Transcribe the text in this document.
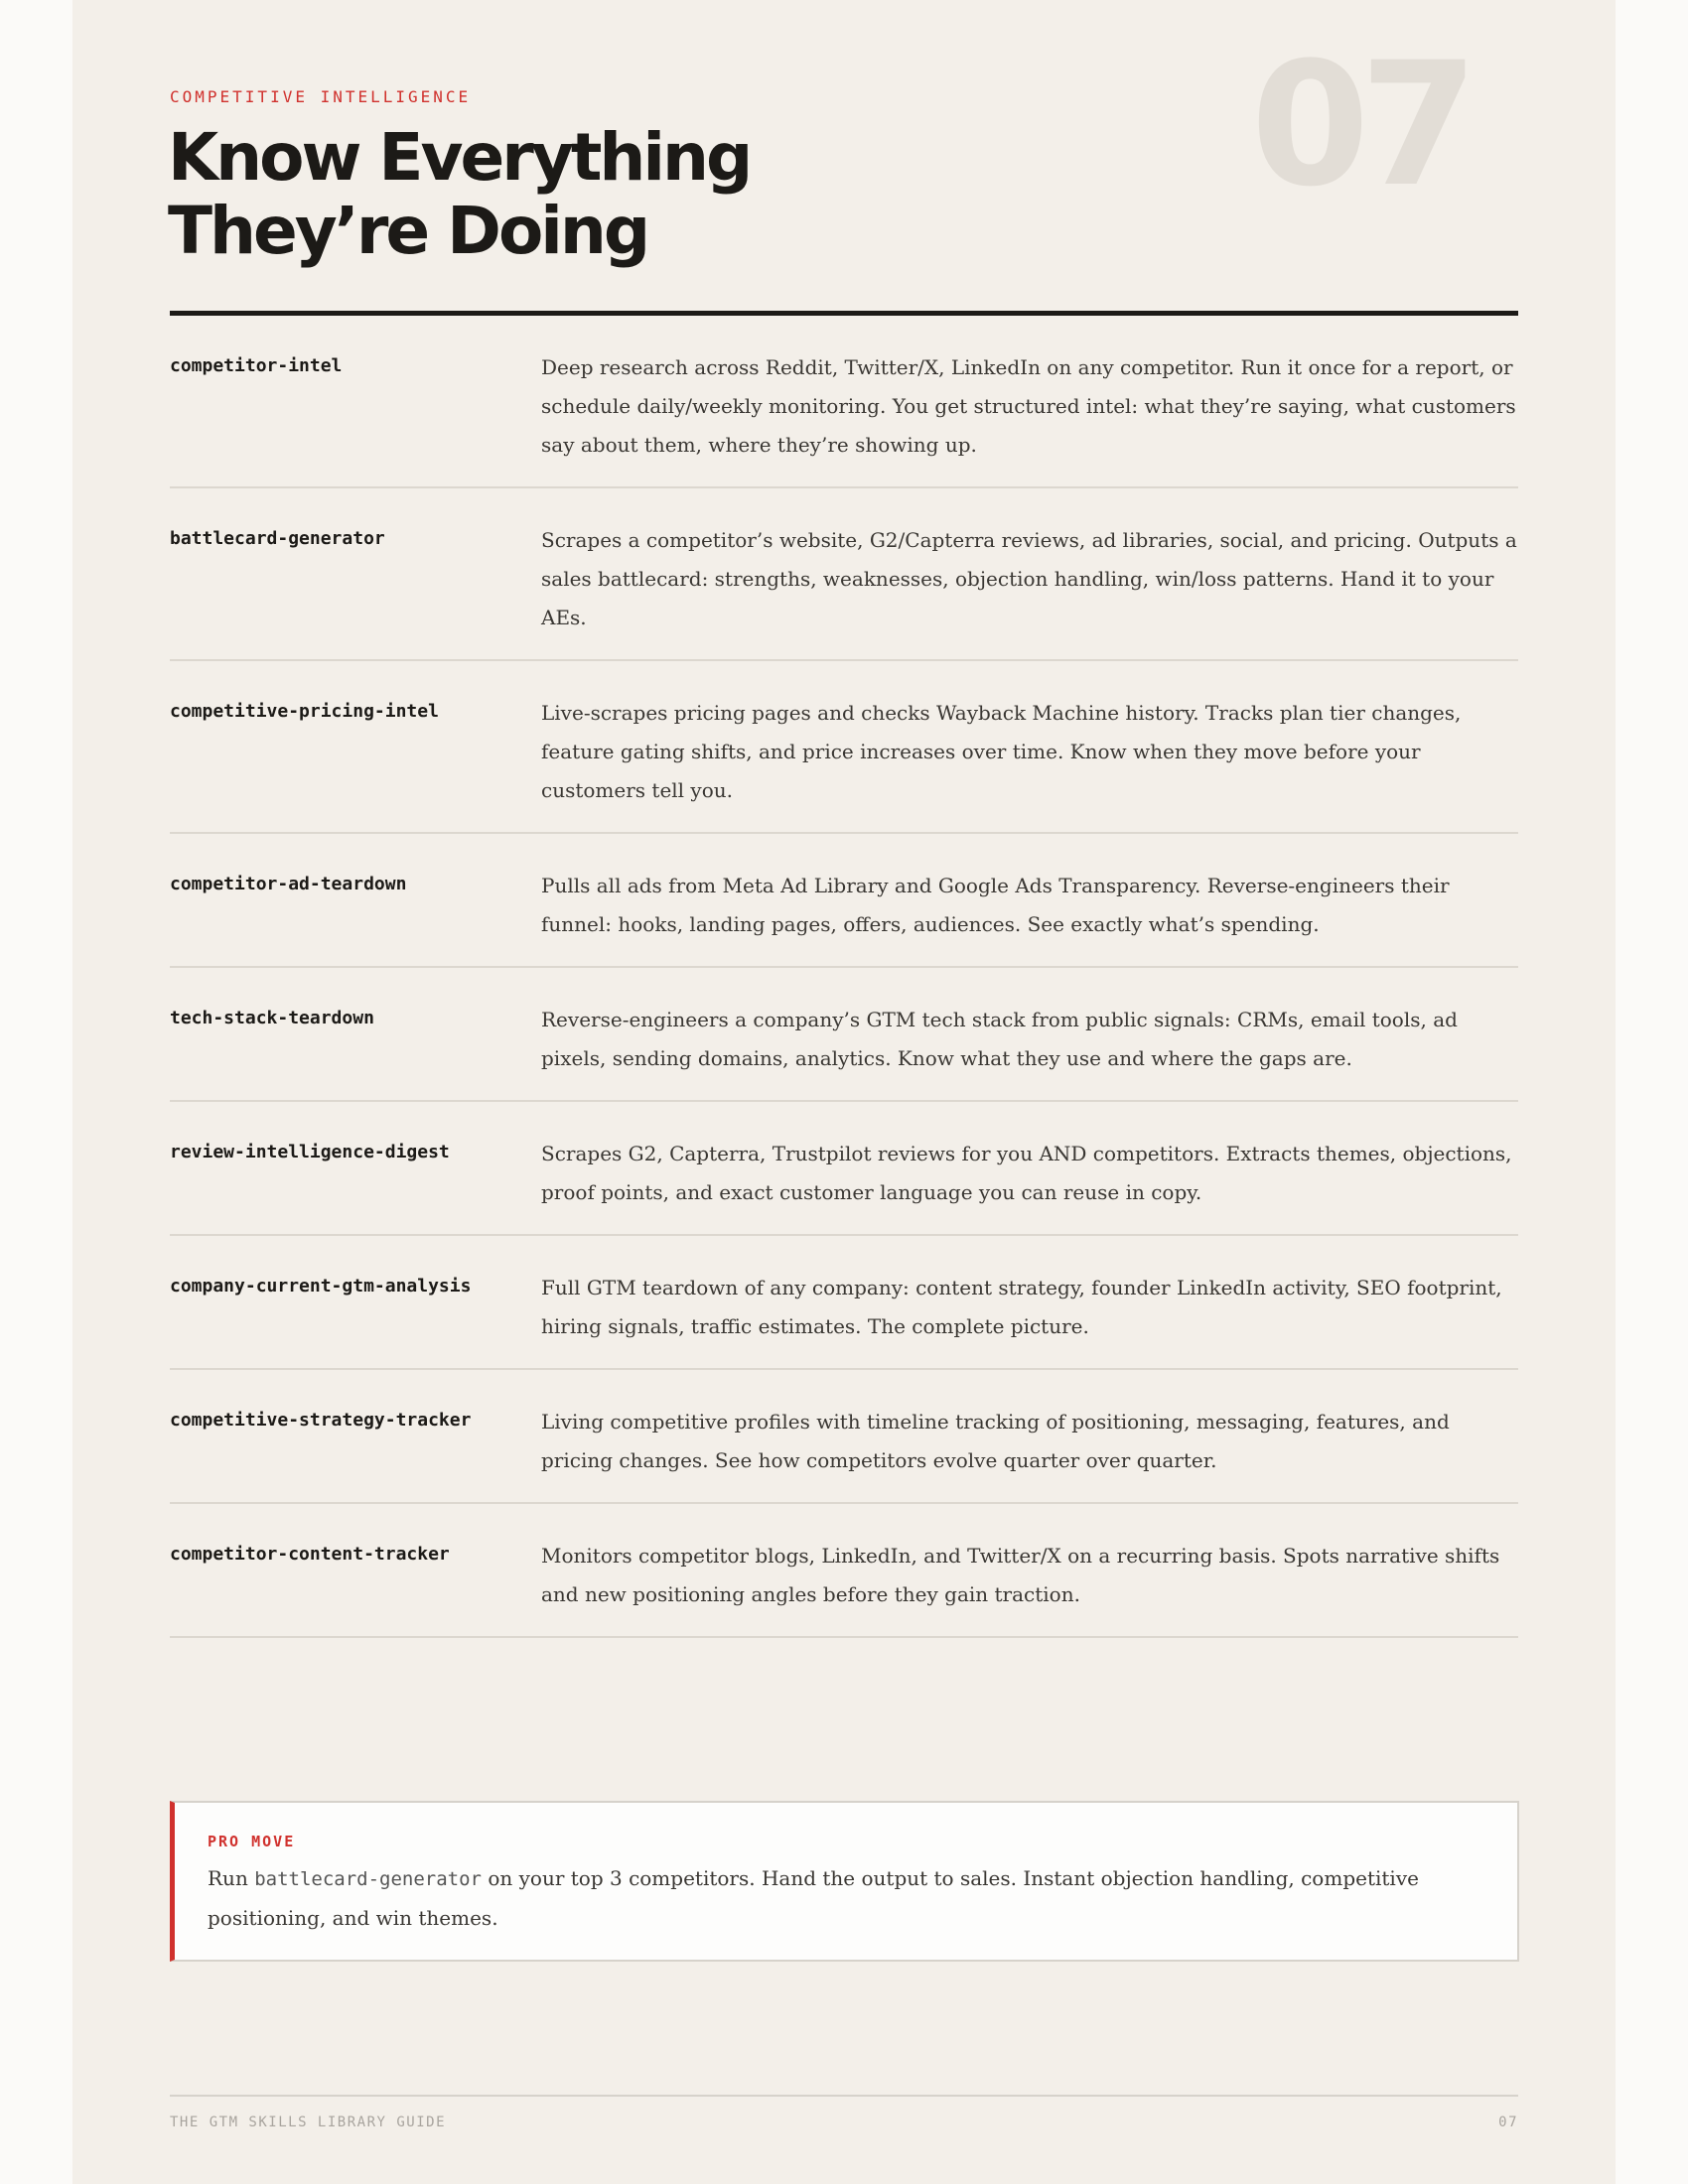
07
COMPETITIVE INTELLIGENCE
Know Everything
They’re Doing
competitor-intel	Deep research across Reddit, Twitter/X, LinkedIn on any competitor. Run it once for a report, or schedule daily/weekly monitoring. You get structured intel: what they’re saying, what customers say about them, where they’re showing up.
battlecard-generator	Scrapes a competitor’s website, G2/Capterra reviews, ad libraries, social, and pricing. Outputs a sales battlecard: strengths, weaknesses, objection handling, win/loss patterns. Hand it to your AEs.
competitive-pricing-intel	Live-scrapes pricing pages and checks Wayback Machine history. Tracks plan tier changes, feature gating shifts, and price increases over time. Know when they move before your customers tell you.
competitor-ad-teardown	Pulls all ads from Meta Ad Library and Google Ads Transparency. Reverse-engineers their funnel: hooks, landing pages, offers, audiences. See exactly what’s spending.
tech-stack-teardown	Reverse-engineers a company’s GTM tech stack from public signals: CRMs, email tools, ad pixels, sending domains, analytics. Know what they use and where the gaps are.
review-intelligence-digest	Scrapes G2, Capterra, Trustpilot reviews for you AND competitors. Extracts themes, objections, proof points, and exact customer language you can reuse in copy.
company-current-gtm-analysis	Full GTM teardown of any company: content strategy, founder LinkedIn activity, SEO footprint, hiring signals, traffic estimates. The complete picture.
competitive-strategy-tracker	Living competitive profiles with timeline tracking of positioning, messaging, features, and pricing changes. See how competitors evolve quarter over quarter.
competitor-content-tracker	Monitors competitor blogs, LinkedIn, and Twitter/X on a recurring basis. Spots narrative shifts and new positioning angles before they gain traction.
PRO MOVE
Run battlecard-generator on your top 3 competitors. Hand the output to sales. Instant objection handling, competitive positioning, and win themes.
THE GTM SKILLS LIBRARY GUIDE	07
